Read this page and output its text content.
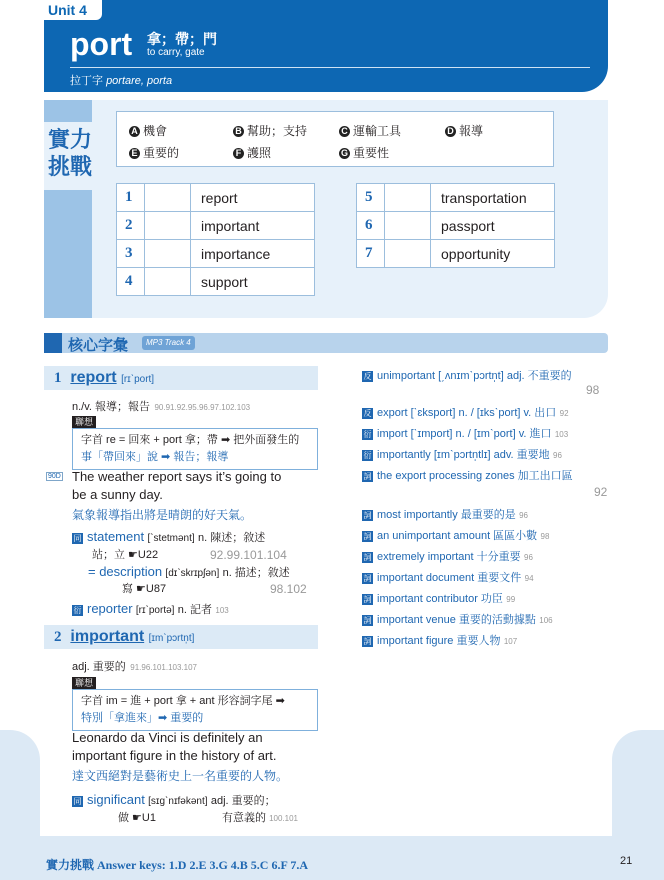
Unit 4
port 拿；帶；門
to carry, gate
拉丁字 portare, porta
實力挑戰
A 機會	B 幫助；支持	C 運輸工具	D 報導
E 重要的	F 護照	G 重要性
1		report
2		important
3		importance
4		support
5		transportation
6		passport
7		opportunity
核心字彙	MP3 Track 4
1 report [rɪˋport]
n./v. 報導；報告 90.91.92.95.96.97.102.103
聯想
字首 re = 回來 + port 拿；帶 ➡ 把外面發生的
事「帶回來」說 ➡ 報告；報導
90D The weather report says it’s going to
be a sunny day.
氣象報導指出將是晴朗的好天氣。
同 statement [ˋstetmənt] n. 陳述；敘述
站；立 ☛U22	92.99.101.104
= description [dɪˋskrɪpʃən] n. 描述；敘述
寫 ☛U87	98.102
衍 reporter [rɪˋportə] n. 記者 103
2 important [ɪmˋpɔrtn̩t]
adj. 重要的 91.96.101.103.107
聯想
字首 im = 進 + port 拿 + ant 形容詞字尾 ➡
特別「拿進來」➡ 重要的
Leonardo da Vinci is definitely an
important figure in the history of art.
達文西絕對是藝術史上一名重要的人物。
同 significant [sɪgˋnɪfəkənt] adj. 重要的；
做 ☛U1	有意義的 100.101
反 unimportant [͵ʌnɪmˋpɔrtn̩t] adj. 不重要的
98
反 export [ˋɛksport] n. / [ɪksˋport] v. 出口 92
衍 import [ˋɪmport] n. / [ɪmˋport] v. 進口 103
衍 importantly [ɪmˋpɔrtn̩tlɪ] adv. 重要地 96
詞 the export processing zones 加工出口區
92
詞 most importantly 最重要的是 96
詞 an unimportant amount 區區小數 98
詞 extremely important 十分重要 96
詞 important document 重要文件 94
詞 important contributor 功臣 99
詞 important venue 重要的活動據點 106
詞 important figure 重要人物 107
實力挑戰 Answer keys: 1.D 2.E 3.G 4.B 5.C 6.F 7.A	21
